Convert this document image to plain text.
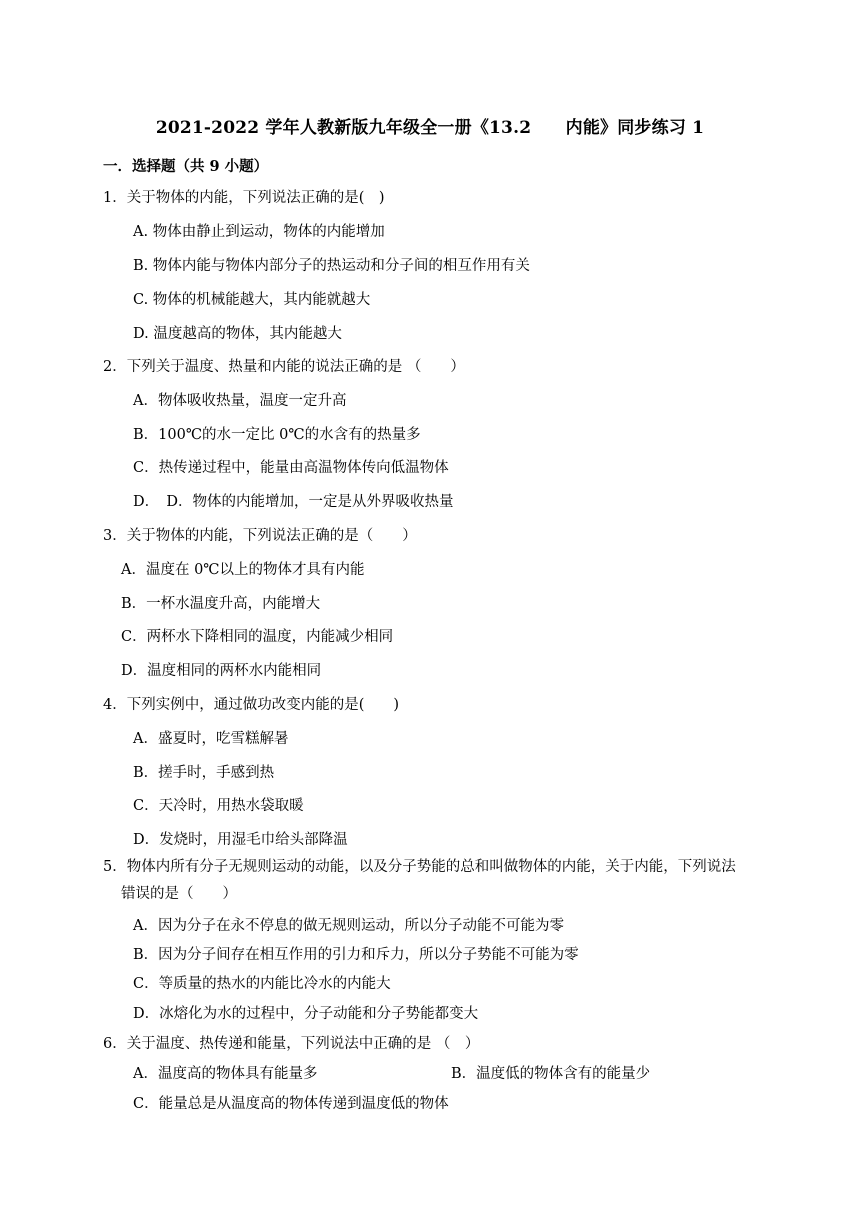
2021-2022 学年人教新版九年级全一册《13.2　　内能》同步练习 1
一．选择题（共 9 小题）
1．关于物体的内能，下列说法正确的是(　)
A. 物体由静止到运动，物体的内能增加
B. 物体内能与物体内部分子的热运动和分子间的相互作用有关
C. 物体的机械能越大，其内能就越大
D. 温度越高的物体，其内能越大
2．下列关于温度、热量和内能的说法正确的是 （　　）
A．物体吸收热量，温度一定升高
B．100℃的水一定比 0℃的水含有的热量多
C．热传递过程中，能量由高温物体传向低温物体
D．　D．物体的内能增加，一定是从外界吸收热量
3．关于物体的内能，下列说法正确的是（　　）
A．温度在 0℃以上的物体才具有内能
B．一杯水温度升高，内能增大
C．两杯水下降相同的温度，内能减少相同
D．温度相同的两杯水内能相同
4．下列实例中，通过做功改变内能的是(　　)
A．盛夏时，吃雪糕解暑
B．搓手时，手感到热
C．天冷时，用热水袋取暖
D．发烧时，用湿毛巾给头部降温
5．物体内所有分子无规则运动的动能，以及分子势能的总和叫做物体的内能，关于内能，下列说法
错误的是（　　）
A．因为分子在永不停息的做无规则运动，所以分子动能不可能为零
B．因为分子间存在相互作用的引力和斥力，所以分子势能不可能为零
C．等质量的热水的内能比冷水的内能大
D．冰熔化为水的过程中，分子动能和分子势能都变大
6．关于温度、热传递和能量，下列说法中正确的是 （　）
A．温度高的物体具有能量多	B．温度低的物体含有的能量少
C．能量总是从温度高的物体传递到温度低的物体
